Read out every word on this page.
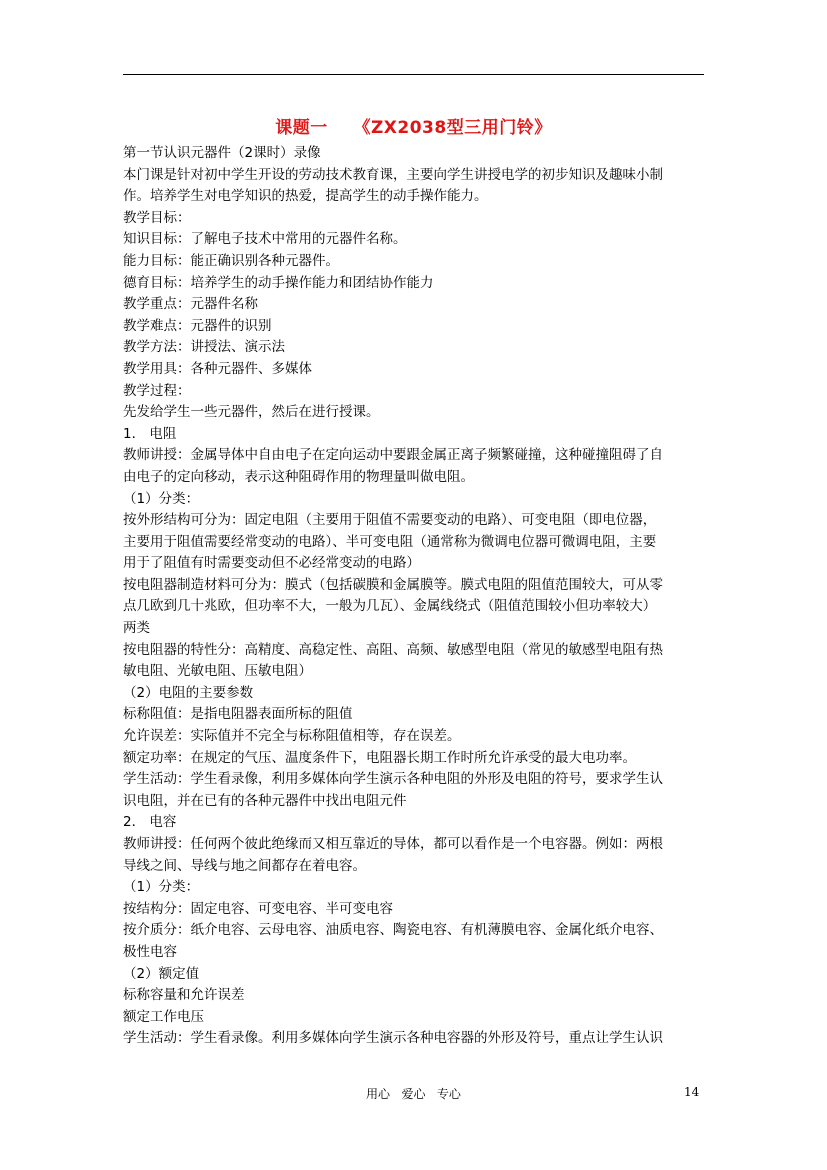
课题一    《ZX2038型三用门铃》
第一节认识元器件（2课时）录像
本门课是针对初中学生开设的劳动技术教育课，主要向学生讲授电学的初步知识及趣味小制
作。培养学生对电学知识的热爱，提高学生的动手操作能力。
教学目标：
知识目标：了解电子技术中常用的元器件名称。
能力目标：能正确识别各种元器件。
德育目标：培养学生的动手操作能力和团结协作能力
教学重点：元器件名称
教学难点：元器件的识别
教学方法：讲授法、演示法
教学用具：各种元器件、多媒体
教学过程：
先发给学生一些元器件，然后在进行授课。
1． 电阻
教师讲授：金属导体中自由电子在定向运动中要跟金属正离子频繁碰撞，这种碰撞阻碍了自
由电子的定向移动，表示这种阻碍作用的物理量叫做电阻。
（1）分类：
按外形结构可分为：固定电阻（主要用于阻值不需要变动的电路）、可变电阻（即电位器，
主要用于阻值需要经常变动的电路）、半可变电阻（通常称为微调电位器可微调电阻，主要
用于了阻值有时需要变动但不必经常变动的电路）
按电阻器制造材料可分为：膜式（包括碳膜和金属膜等。膜式电阻的阻值范围较大，可从零
点几欧到几十兆欧，但功率不大，一般为几瓦）、金属线绕式（阻值范围较小但功率较大）
两类
按电阻器的特性分：高精度、高稳定性、高阻、高频、敏感型电阻（常见的敏感型电阻有热
敏电阻、光敏电阻、压敏电阻）
（2）电阻的主要参数
标称阻值：是指电阻器表面所标的阻值
允许误差：实际值并不完全与标称阻值相等，存在误差。
额定功率：在规定的气压、温度条件下，电阻器长期工作时所允许承受的最大电功率。
学生活动：学生看录像，利用多媒体向学生演示各种电阻的外形及电阻的符号，要求学生认
识电阻，并在已有的各种元器件中找出电阻元件
2． 电容
教师讲授：任何两个彼此绝缘而又相互靠近的导体，都可以看作是一个电容器。例如：两根
导线之间、导线与地之间都存在着电容。
（1）分类：
按结构分：固定电容、可变电容、半可变电容
按介质分：纸介电容、云母电容、油质电容、陶瓷电容、有机薄膜电容、金属化纸介电容、
极性电容
（2）额定值
标称容量和允许误差
额定工作电压
学生活动：学生看录像。利用多媒体向学生演示各种电容器的外形及符号，重点让学生认识
用心   爱心   专心	14
